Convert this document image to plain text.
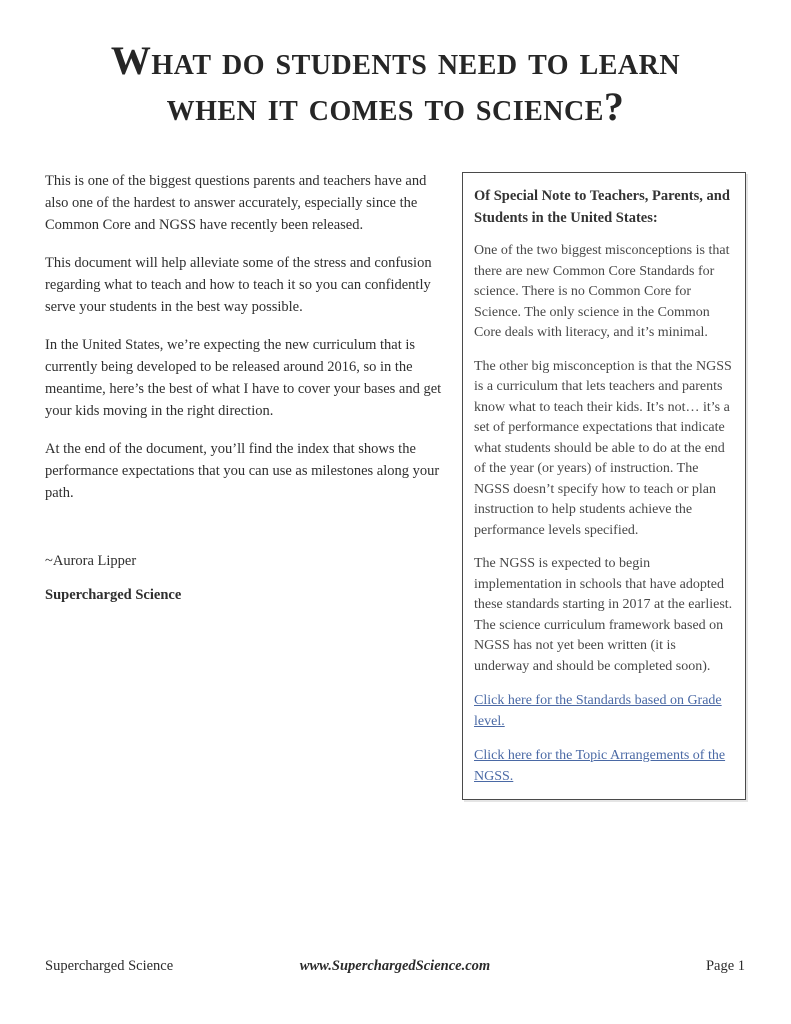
What do students need to learn
when it comes to science?

This is one of the biggest questions parents and teachers have and also one of the hardest to answer accurately, especially since the Common Core and NGSS have recently been released.

This document will help alleviate some of the stress and confusion regarding what to teach and how to teach it so you can confidently serve your students in the best way possible.

In the United States, we’re expecting the new curriculum that is currently being developed to be released around 2016, so in the meantime, here’s the best of what I have to cover your bases and get your kids moving in the right direction.

At the end of the document, you’ll find the index that shows the performance expectations that you can use as milestones along your path.

~Aurora Lipper

Supercharged Science

Of Special Note to Teachers, Parents, and Students in the United States:

One of the two biggest misconceptions is that there are new Common Core Standards for science. There is no Common Core for Science. The only science in the Common Core deals with literacy, and it’s minimal.

The other big misconception is that the NGSS is a curriculum that lets teachers and parents know what to teach their kids. It’s not… it’s a set of performance expectations that indicate what students should be able to do at the end of the year (or years) of instruction. The NGSS doesn’t specify how to teach or plan instruction to help students achieve the performance levels specified.

The NGSS is expected to begin implementation in schools that have adopted these standards starting in 2017 at the earliest. The science curriculum framework based on NGSS has not yet been written (it is underway and should be completed soon).

Click here for the Standards based on Grade level.
Click here for the Topic Arrangements of the NGSS.
Supercharged Science	www.SuperchargedScience.com	Page 1
